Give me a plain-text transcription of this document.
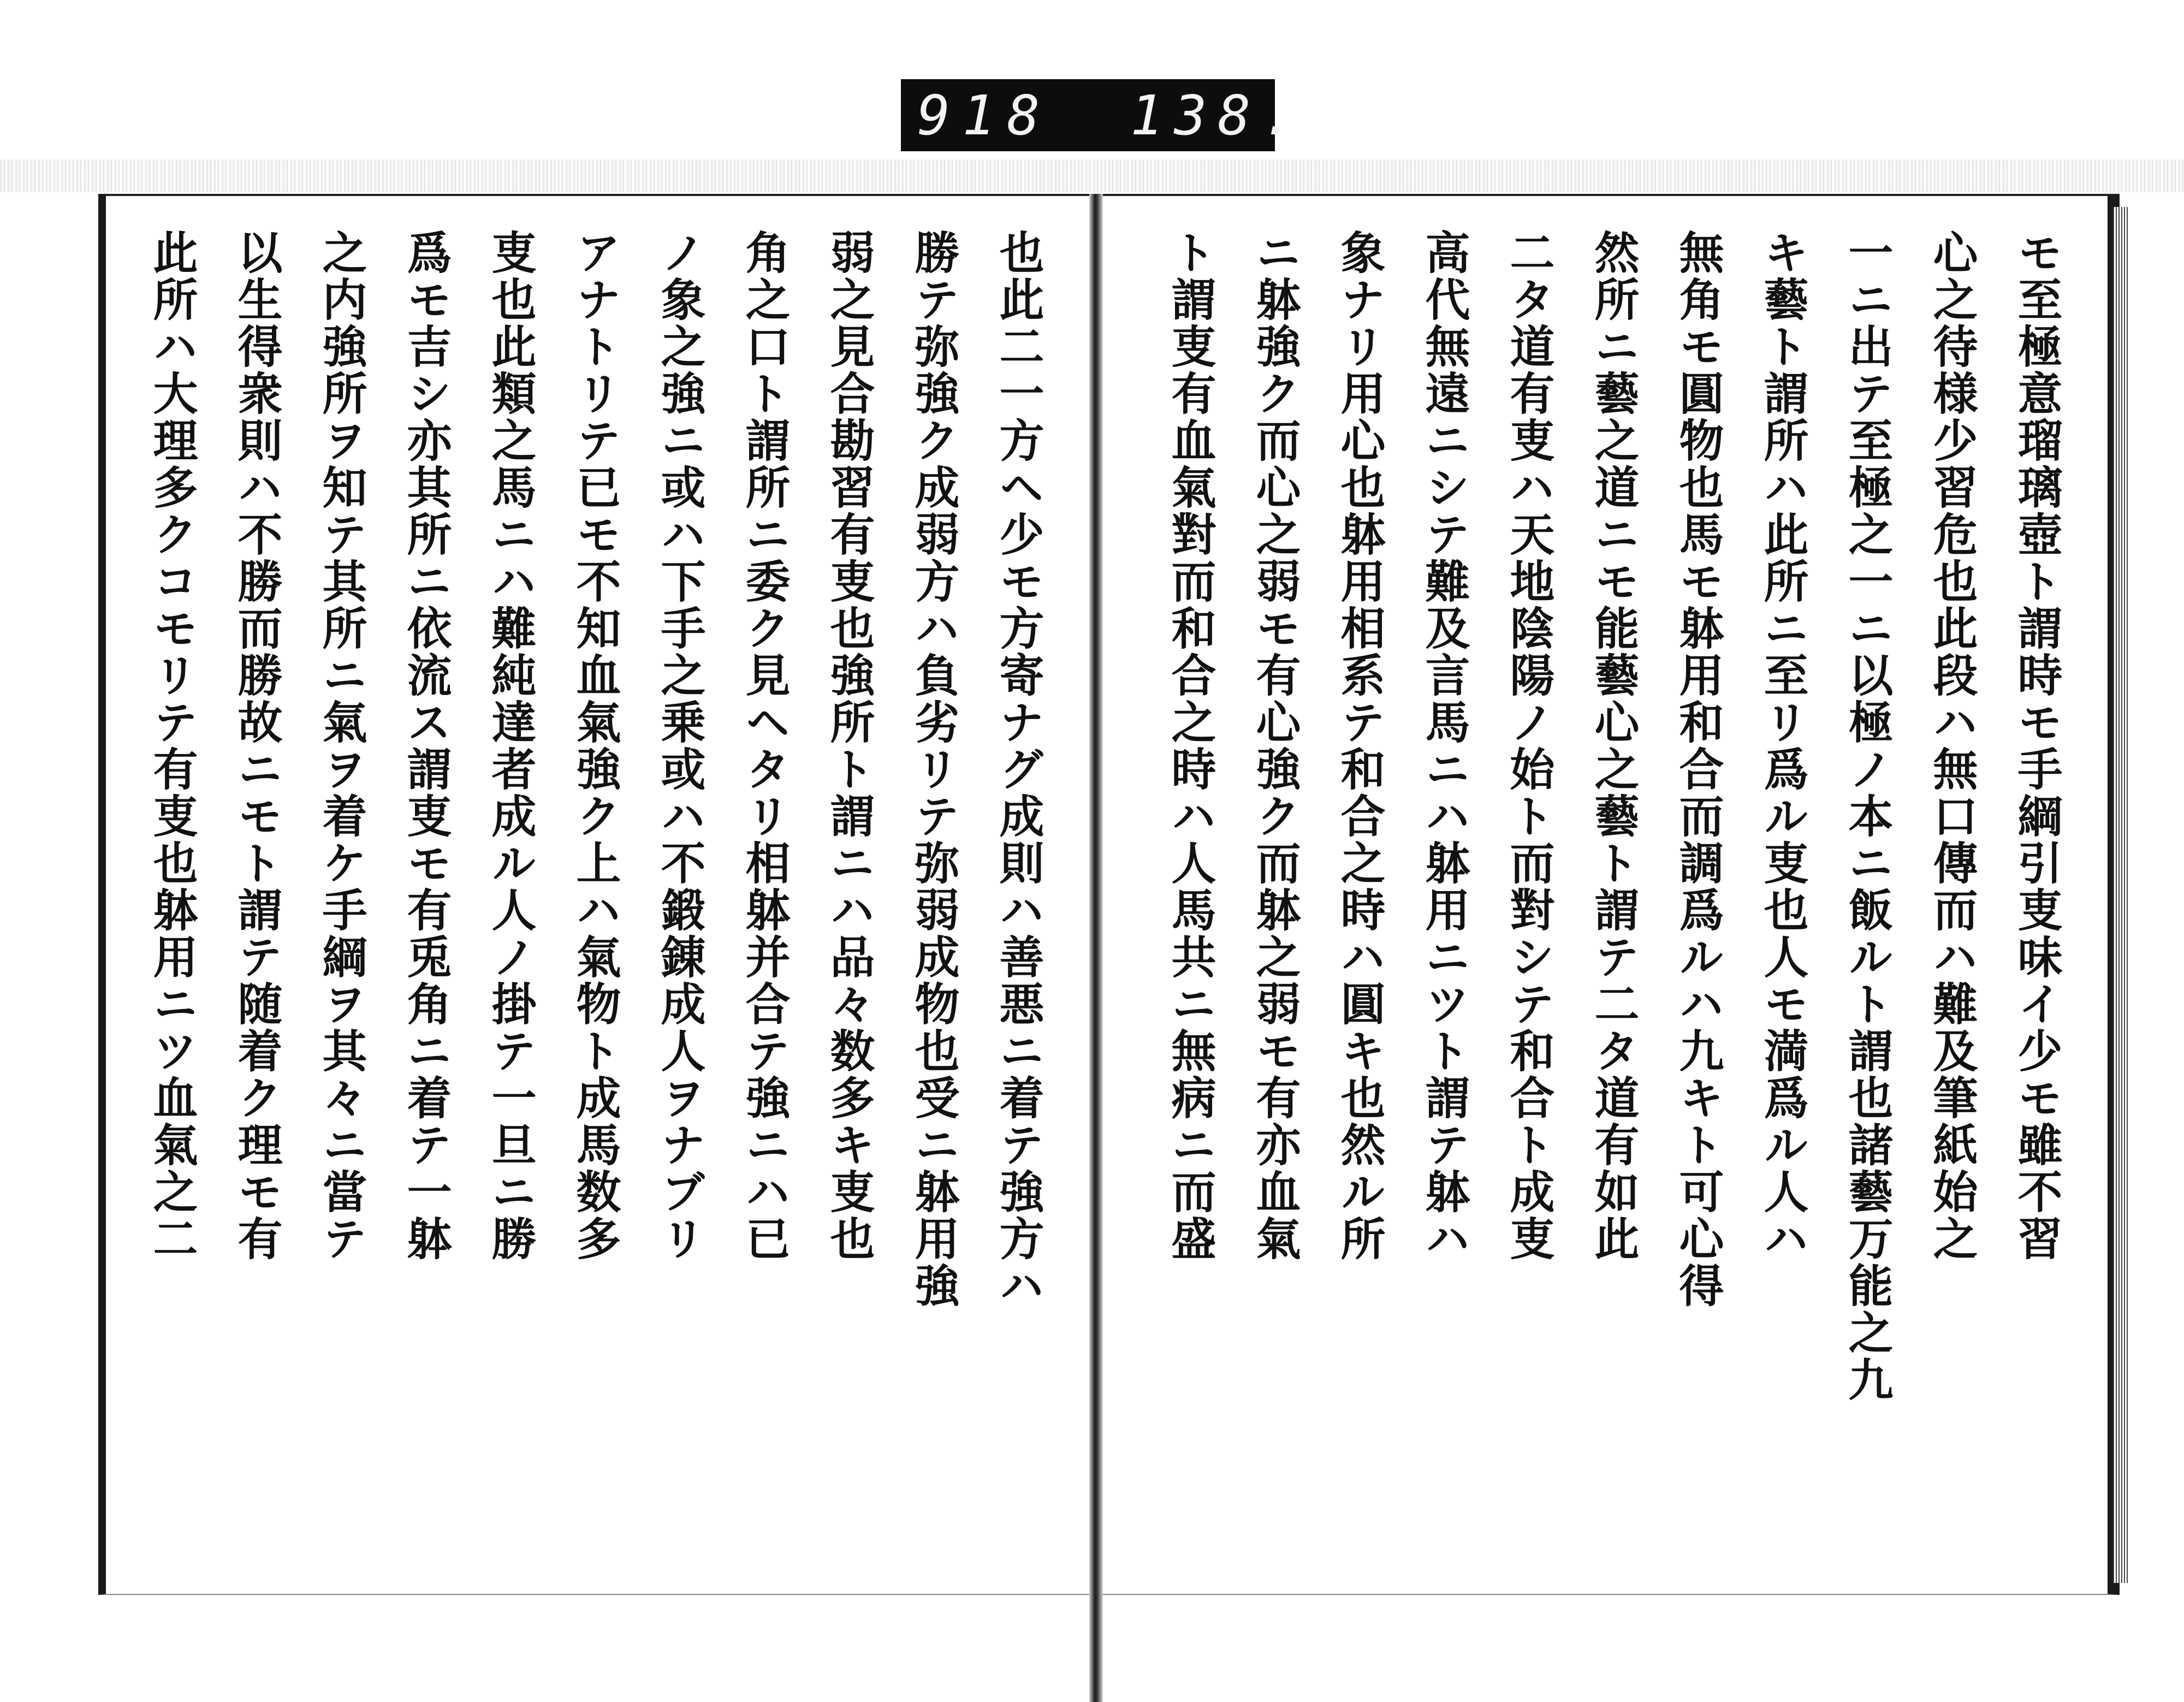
918 138.
モ至極意瑠璃壺ト謂時モ手綱引叓味イ少モ雖不習
心之待様少習危也此段ハ無口傳而ハ難及筆紙始之
一ニ出テ至極之一ニ以極ノ本ニ飯ルト謂也諸藝万能之九
キ藝ト謂所ハ此所ニ至リ爲ル叓也人モ満爲ル人ハ
無角モ圓物也馬モ躰用和合而調爲ルハ九キト可心得
然所ニ藝之道ニモ能藝心之藝ト謂テ二タ道有如此
二タ道有叓ハ天地陰陽ノ始ト而對シテ和合ト成叓
高代無遠ニシテ難及言馬ニハ躰用ニツト謂テ躰ハ
象ナリ用心也躰用相系テ和合之時ハ圓キ也然ル所
ニ躰強ク而心之弱モ有心強ク而躰之弱モ有亦血氣
ト謂叓有血氣對而和合之時ハ人馬共ニ無病ニ而盛
也此二一方ヘ少モ方寄ナグ成則ハ善悪ニ着テ強方ハ
勝テ弥強ク成弱方ハ負劣リテ弥弱成物也受ニ躰用強
弱之見合勘習有叓也強所ト謂ニハ品々数多キ叓也
角之口ト謂所ニ委ク見ヘタリ相躰并合テ強ニハ已
ノ象之強ニ或ハ下手之乗或ハ不鍛錬成人ヲナブリ
アナトリテ已モ不知血氣強ク上ハ氣物ト成馬数多
叓也此類之馬ニハ難純達者成ル人ノ掛テ一旦ニ勝
爲モ吉シ亦其所ニ依流ス謂叓モ有兎角ニ着テ一躰
之内強所ヲ知テ其所ニ氣ヲ着ケ手綱ヲ其々ニ當テ
以生得衆則ハ不勝而勝故ニモト謂テ随着ク理モ有
此所ハ大理多クコモリテ有叓也躰用ニツ血氣之二
